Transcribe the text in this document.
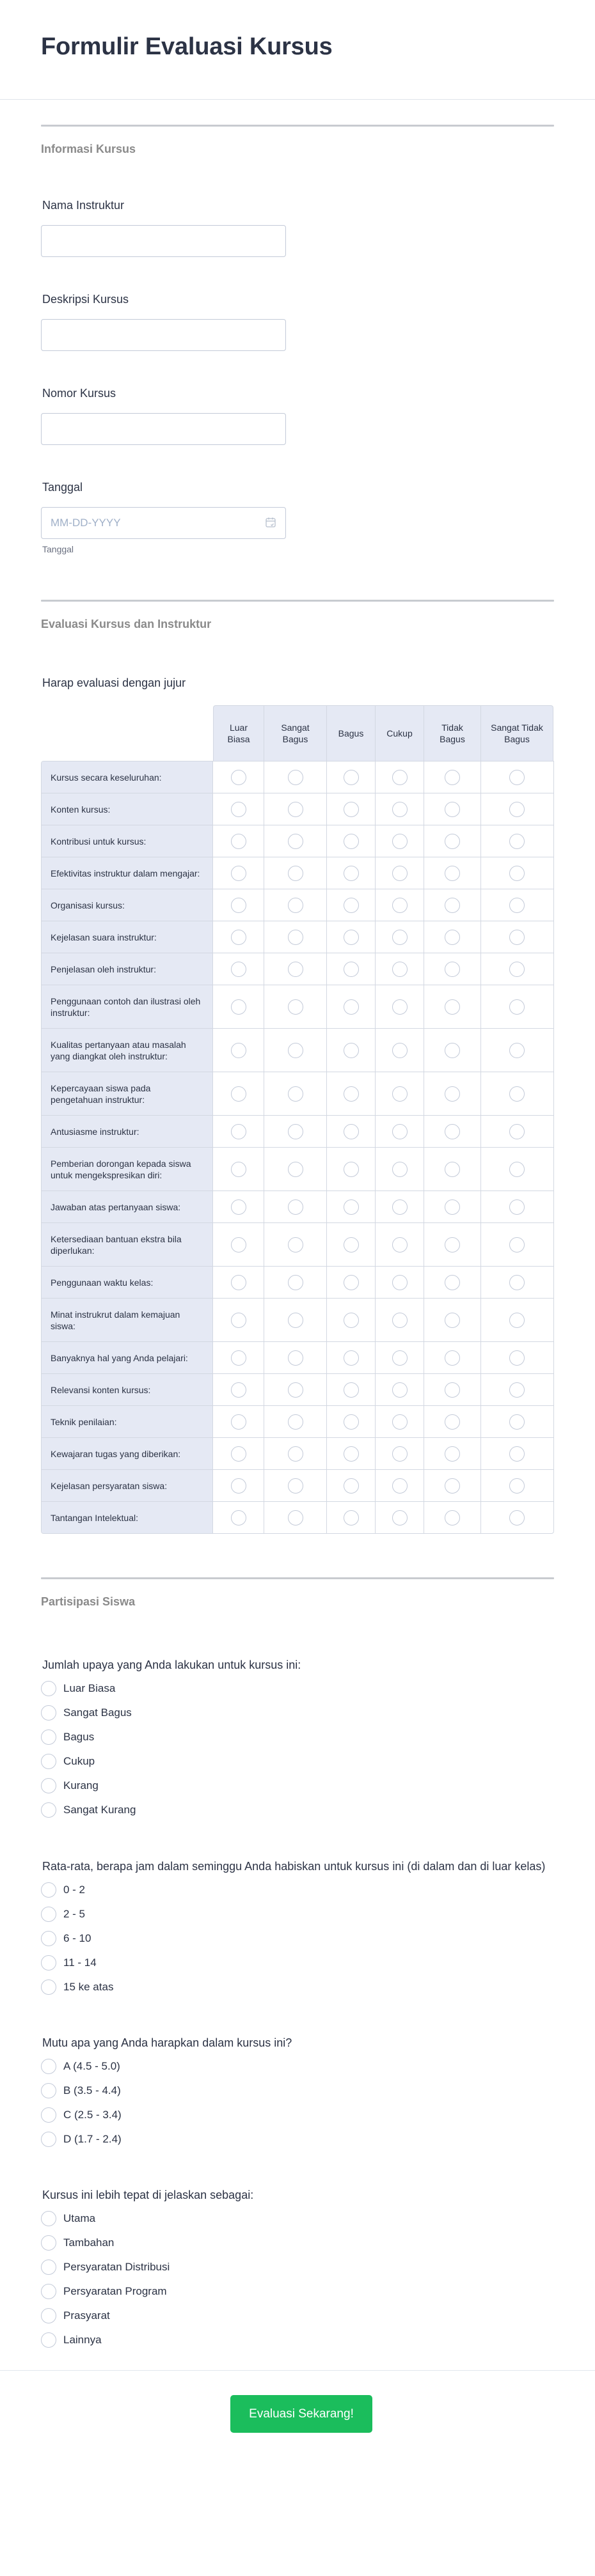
Formulir Evaluasi Kursus
Informasi Kursus
Nama Instruktur
Deskripsi Kursus
Nomor Kursus
Tanggal
MM-DD-YYYY
Tanggal
Evaluasi Kursus dan Instruktur
Harap evaluasi dengan jujur
Luar Biasa
Sangat Bagus
Bagus	Cukup
Tidak Bagus
Sangat Tidak Bagus
Kursus secara keseluruhan:
Konten kursus:
Kontribusi untuk kursus:
Efektivitas instruktur dalam mengajar:
Organisasi kursus:
Kejelasan suara instruktur:
Penjelasan oleh instruktur:
Penggunaan contoh dan ilustrasi oleh instruktur:
Kualitas pertanyaan atau masalah yang diangkat oleh instruktur:
Kepercayaan siswa pada pengetahuan instruktur:
Antusiasme instruktur:
Pemberian dorongan kepada siswa untuk mengekspresikan diri:
Jawaban atas pertanyaan siswa:
Ketersediaan bantuan ekstra bila diperlukan:
Penggunaan waktu kelas:
Minat instrukrut dalam kemajuan siswa:
Banyaknya hal yang Anda pelajari:
Relevansi konten kursus:
Teknik penilaian:
Kewajaran tugas yang diberikan:
Kejelasan persyaratan siswa:
Tantangan Intelektual:
Partisipasi Siswa
Jumlah upaya yang Anda lakukan untuk kursus ini:
Luar Biasa
Sangat Bagus
Bagus
Cukup
Kurang
Sangat Kurang
Rata-rata, berapa jam dalam seminggu Anda habiskan untuk kursus ini (di dalam dan di luar kelas)
0 - 2
2 - 5
6 - 10
11 - 14
15 ke atas
Mutu apa yang Anda harapkan dalam kursus ini?
A (4.5 - 5.0)
B (3.5 - 4.4)
C (2.5 - 3.4)
D (1.7 - 2.4)
Kursus ini lebih tepat di jelaskan sebagai:
Utama
Tambahan
Persyaratan Distribusi
Persyaratan Program
Prasyarat
Lainnya
Evaluasi Sekarang!
